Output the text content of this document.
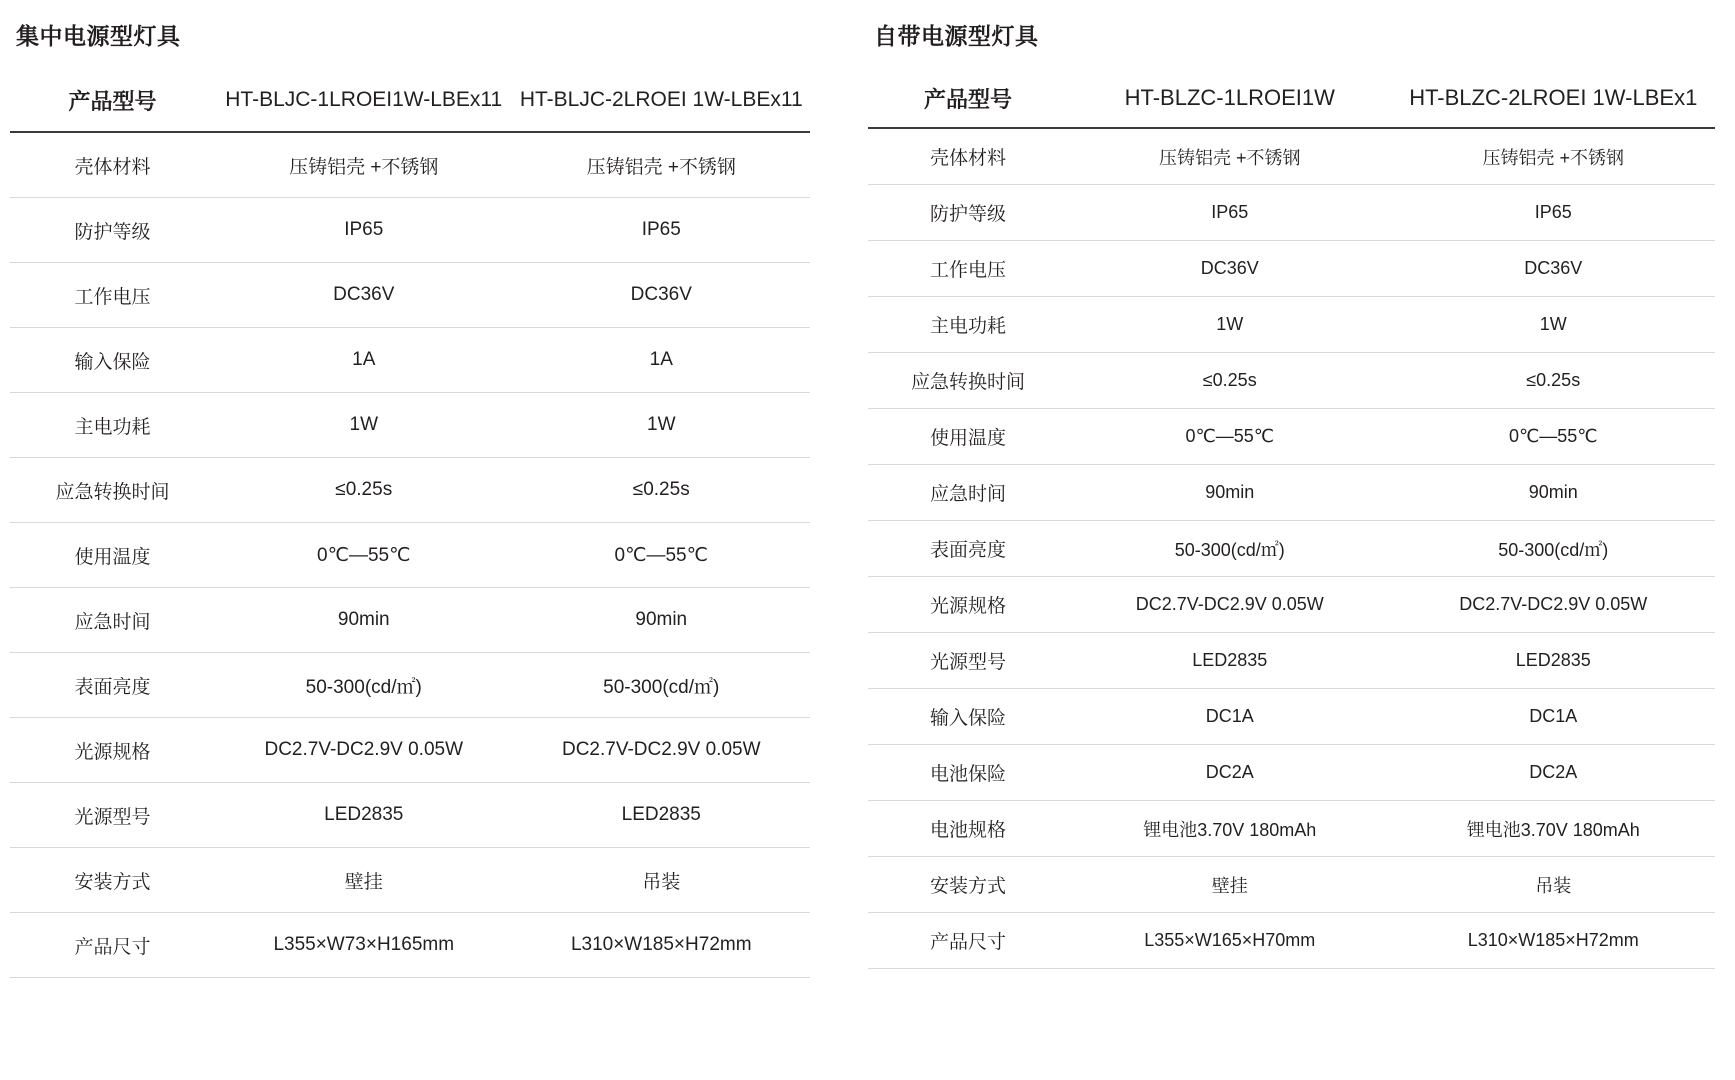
集中电源型灯具
产品型号	HT-BLJC-1LROEI1W-LBEx11	HT-BLJC-2LROEI 1W-LBEx11
壳体材料	压铸铝壳 +不锈钢	压铸铝壳 +不锈钢
防护等级	IP65	IP65
工作电压	DC36V	DC36V
输入保险	1A	1A
主电功耗	1W	1W
应急转换时间	≤0.25s	≤0.25s
使用温度	0℃—55℃	0℃—55℃
应急时间	90min	90min
表面亮度	50-300(cd/㎡)	50-300(cd/㎡)
光源规格	DC2.7V-DC2.9V 0.05W	DC2.7V-DC2.9V 0.05W
光源型号	LED2835	LED2835
安装方式	壁挂	吊装
产品尺寸	L355×W73×H165mm	L310×W185×H72mm
自带电源型灯具
产品型号	HT-BLZC-1LROEI1W	HT-BLZC-2LROEI 1W-LBEx1
壳体材料	压铸铝壳 +不锈钢	压铸铝壳 +不锈钢
防护等级	IP65	IP65
工作电压	DC36V	DC36V
主电功耗	1W	1W
应急转换时间	≤0.25s	≤0.25s
使用温度	0℃—55℃	0℃—55℃
应急时间	90min	90min
表面亮度	50-300(cd/㎡)	50-300(cd/㎡)
光源规格	DC2.7V-DC2.9V 0.05W	DC2.7V-DC2.9V 0.05W
光源型号	LED2835	LED2835
输入保险	DC1A	DC1A
电池保险	DC2A	DC2A
电池规格	锂电池3.70V 180mAh	锂电池3.70V 180mAh
安装方式	壁挂	吊装
产品尺寸	L355×W165×H70mm	L310×W185×H72mm
